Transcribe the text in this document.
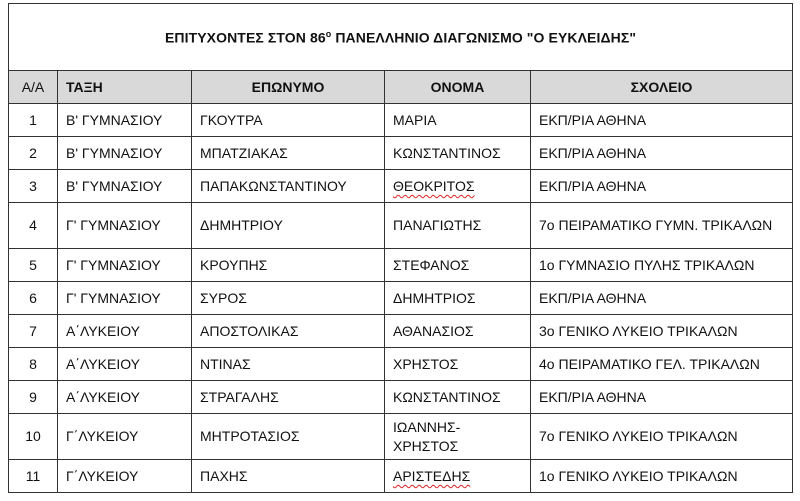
ΕΠΙΤΥΧΟΝΤΕΣ ΣΤΟΝ $86^o$ ΠΑΝΕΛΛΗΝΙΟ ΔΙΑΓΩΝΙΣΜΟ "Ο ΕΥΚΛΕΙΔΗΣ"				
Α/Α	ΤΑΞΗ	ΕΠΩΝΥΜΟ	ΟΝΟΜΑ	ΣΧΟΛΕΙΟ
1	Β' ΓΥΜΝΑΣΙΟΥ	ΓΚΟΥΤΡΑ	ΜΑΡΙΑ	ΕΚΠ/ΡΙΑ ΑΘΗΝΑ
2	Β' ΓΥΜΝΑΣΙΟΥ	ΜΠΑΤΖΙΑΚΑΣ	ΚΩΝΣΤΑΝΤΙΝΟΣ	ΕΚΠ/ΡΙΑ ΑΘΗΝΑ
3	Β' ΓΥΜΝΑΣΙΟΥ	ΠΑΠΑΚΩΝΣΤΑΝΤΙΝΟΥ	ΘΕΟΚΡΙΤΟΣ	ΕΚΠ/ΡΙΑ ΑΘΗΝΑ
4	Γ' ΓΥΜΝΑΣΙΟΥ	ΔΗΜΗΤΡΙΟΥ	ΠΑΝΑΓΙΩΤΗΣ	7ο ΠΕΙΡΑΜΑΤΙΚΟ ΓΥΜΝ. ΤΡΙΚΑΛΩΝ
5	Γ' ΓΥΜΝΑΣΙΟΥ	ΚΡΟΥΠΗΣ	ΣΤΕΦΑΝΟΣ	1ο ΓΥΜΝΑΣΙΟ ΠΥΛΗΣ ΤΡΙΚΑΛΩΝ
6	Γ' ΓΥΜΝΑΣΙΟΥ	ΣΥΡΟΣ	ΔΗΜΗΤΡΙΟΣ	ΕΚΠ/ΡΙΑ ΑΘΗΝΑ
7	Α΄ΛΥΚΕΙΟΥ	ΑΠΟΣΤΟΛΙΚΑΣ	ΑΘΑΝΑΣΙΟΣ	3ο ΓΕΝΙΚΟ ΛΥΚΕΙΟ ΤΡΙΚΑΛΩΝ
8	Α΄ΛΥΚΕΙΟΥ	ΝΤΙΝΑΣ	ΧΡΗΣΤΟΣ	4ο ΠΕΙΡΑΜΑΤΙΚΟ ΓΕΛ. ΤΡΙΚΑΛΩΝ
9	Α΄ΛΥΚΕΙΟΥ	ΣΤΡΑΓΑΛΗΣ	ΚΩΝΣΤΑΝΤΙΝΟΣ	ΕΚΠ/ΡΙΑ ΑΘΗΝΑ
10	Γ΄ΛΥΚΕΙΟΥ	ΜΗΤΡΟΤΑΣΙΟΣ	ΙΩΑΝΝΗΣ-ΧΡΗΣΤΟΣ	7ο ΓΕΝΙΚΟ ΛΥΚΕΙΟ ΤΡΙΚΑΛΩΝ
11	Γ΄ΛΥΚΕΙΟΥ	ΠΑΧΗΣ	ΑΡΙΣΤΕΔΗΣ	1ο ΓΕΝΙΚΟ ΛΥΚΕΙΟ ΤΡΙΚΑΛΩΝ
